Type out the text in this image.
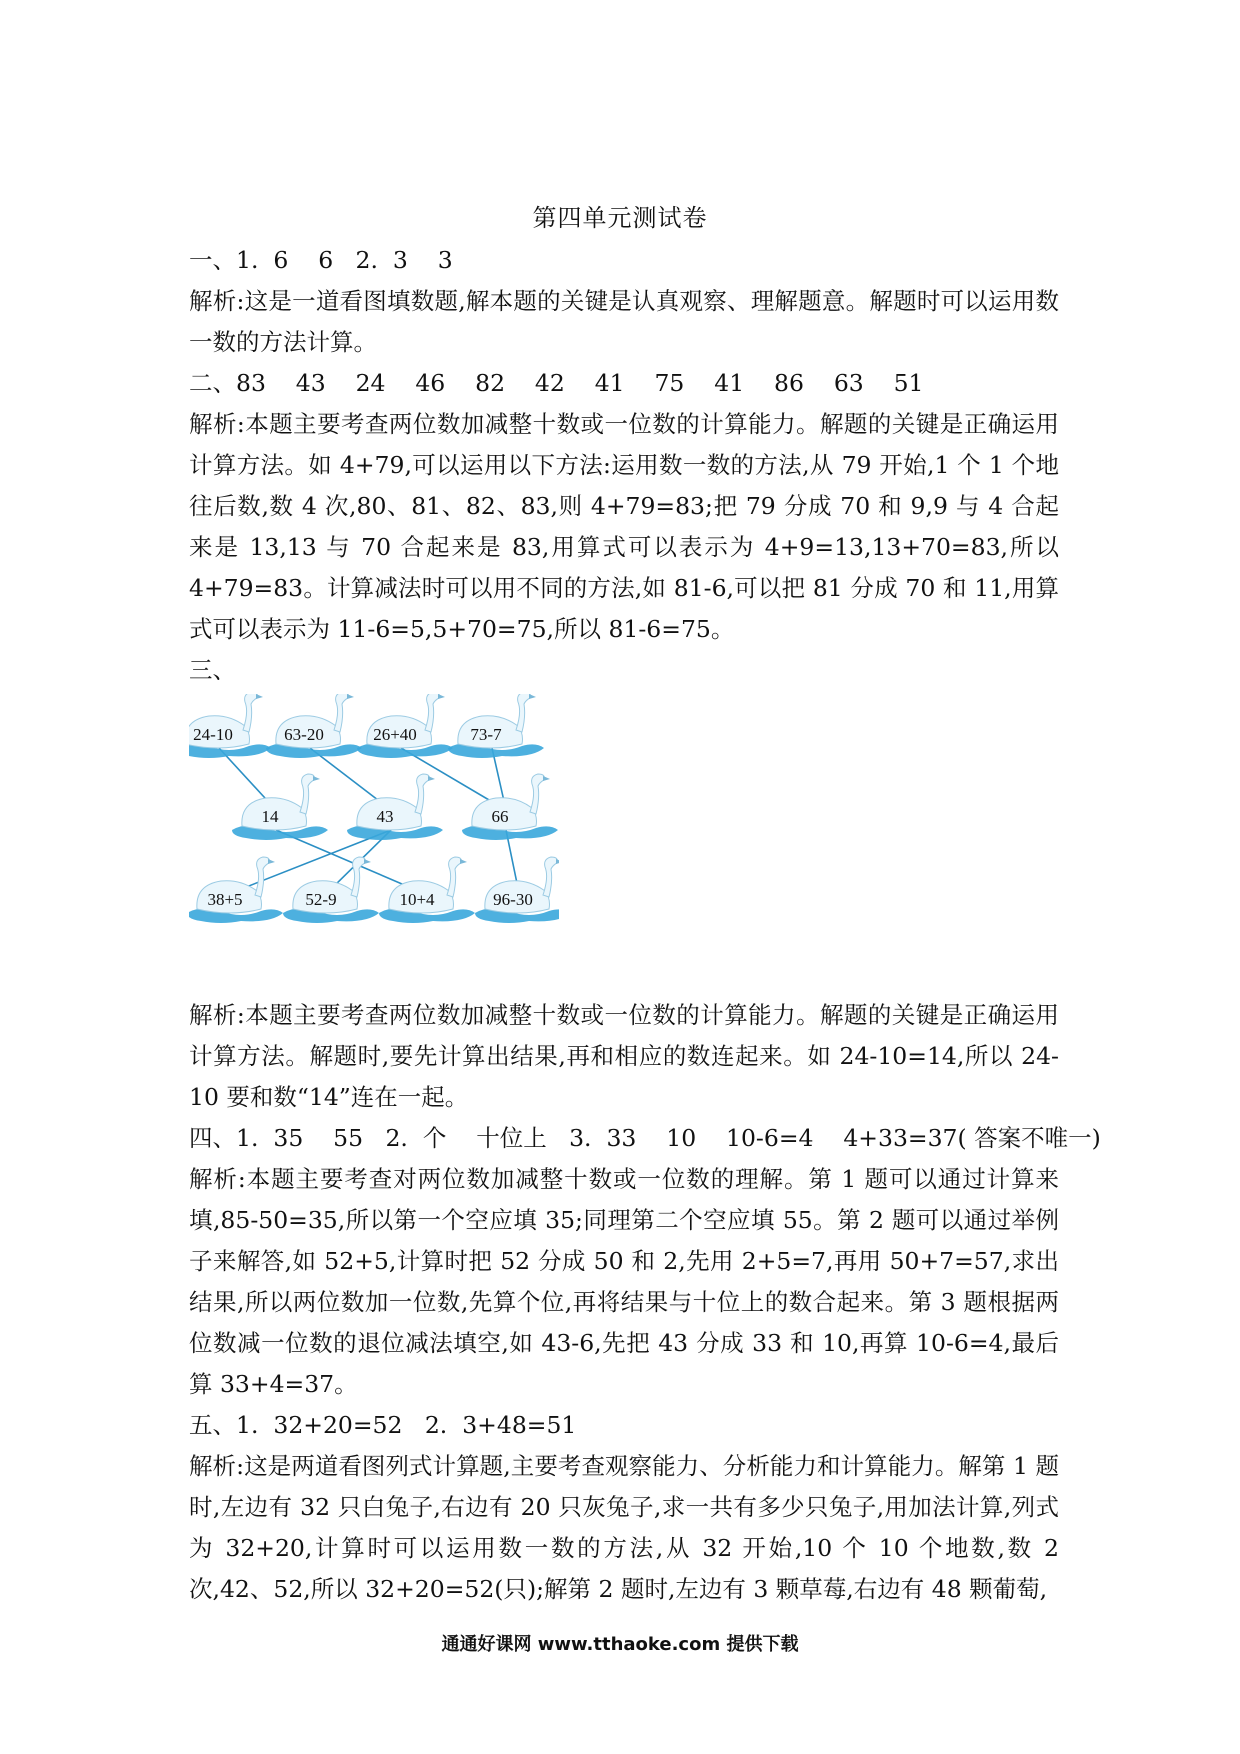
第四单元测试卷

一、1.  6    6   2.  3    3

解析:这是一道看图填数题,解本题的关键是认真观察、理解题意。解题时可以运用数一数的方法计算。

二、83    43    24    46    82    42    41    75    41    86    63    51

解析:本题主要考查两位数加减整十数或一位数的计算能力。解题的关键是正确运用计算方法。如 4+79,可以运用以下方法:运用数一数的方法,从 79 开始,1 个 1 个地往后数,数 4 次,80、81、82、83,则 4+79=83;把 79 分成 70 和 9,9 与 4 合起来是 13,13 与 70 合起来是 83,用算式可以表示为 4+9=13,13+70=83,所以 4+79=83。计算减法时可以用不同的方法,如 81-6,可以把 81 分成 70 和 11,用算式可以表示为 11-6=5,5+70=75,所以 81-6=75。

三、

24-10	63-20	26+40	73-7
14	43	66
38+5	52-9	10+4	96-30

解析:本题主要考查两位数加减整十数或一位数的计算能力。解题的关键是正确运用计算方法。解题时,要先计算出结果,再和相应的数连起来。如 24-10=14,所以 24-10 要和数“14”连在一起。

四、1.  35    55   2.  个    十位上   3.  33    10    10-6=4    4+33=37( 答案不唯一)

解析:本题主要考查对两位数加减整十数或一位数的理解。第 1 题可以通过计算来填,85-50=35,所以第一个空应填 35;同理第二个空应填 55。第 2 题可以通过举例子来解答,如 52+5,计算时把 52 分成 50 和 2,先用 2+5=7,再用 50+7=57,求出结果,所以两位数加一位数,先算个位,再将结果与十位上的数合起来。第 3 题根据两位数减一位数的退位减法填空,如 43-6,先把 43 分成 33 和 10,再算 10-6=4,最后算 33+4=37。

五、1.  32+20=52   2.  3+48=51

解析:这是两道看图列式计算题,主要考查观察能力、分析能力和计算能力。解第 1 题时,左边有 32 只白兔子,右边有 20 只灰兔子,求一共有多少只兔子,用加法计算,列式为 32+20,计算时可以运用数一数的方法,从 32 开始,10 个 10 个地数,数 2 次,42、52,所以 32+20=52(只);解第 2 题时,左边有 3 颗草莓,右边有 48 颗葡萄,

通通好课网 www.tthaoke.com 提供下载
